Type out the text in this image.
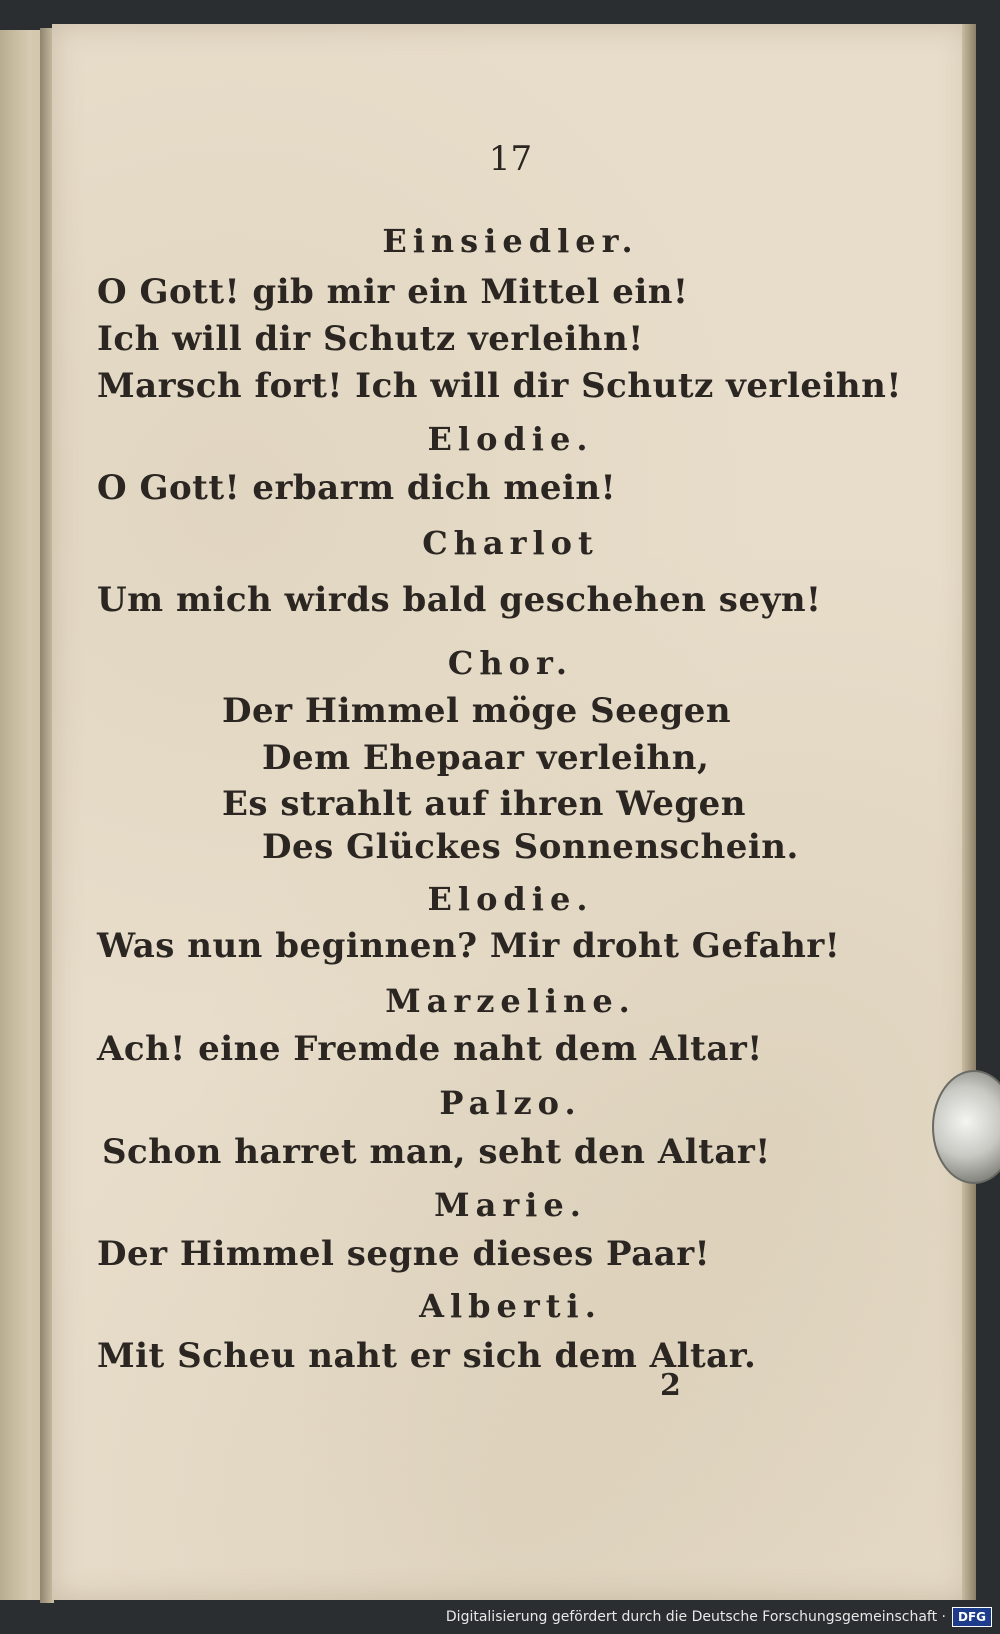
17
Einsiedler.
O Gott! gib mir ein Mittel ein!
Ich will dir Schutz verleihn!
Marsch fort! Ich will dir Schutz verleihn!
Elodie.
O Gott! erbarm dich mein!
Charlot
Um mich wirds bald geschehen seyn!
Chor.
Der Himmel möge Seegen
Dem Ehepaar verleihn,
Es strahlt auf ihren Wegen
Des Glückes Sonnenschein.
Elodie.
Was nun beginnen? Mir droht Gefahr!
Marzeline.
Ach! eine Fremde naht dem Altar!
Palzo.
Schon harret man, seht den Altar!
Marie.
Der Himmel segne dieses Paar!
Alberti.
Mit Scheu naht er sich dem Altar.
2
Digitalisierung gefördert durch die Deutsche Forschungsgemeinschaft ·	DFG
